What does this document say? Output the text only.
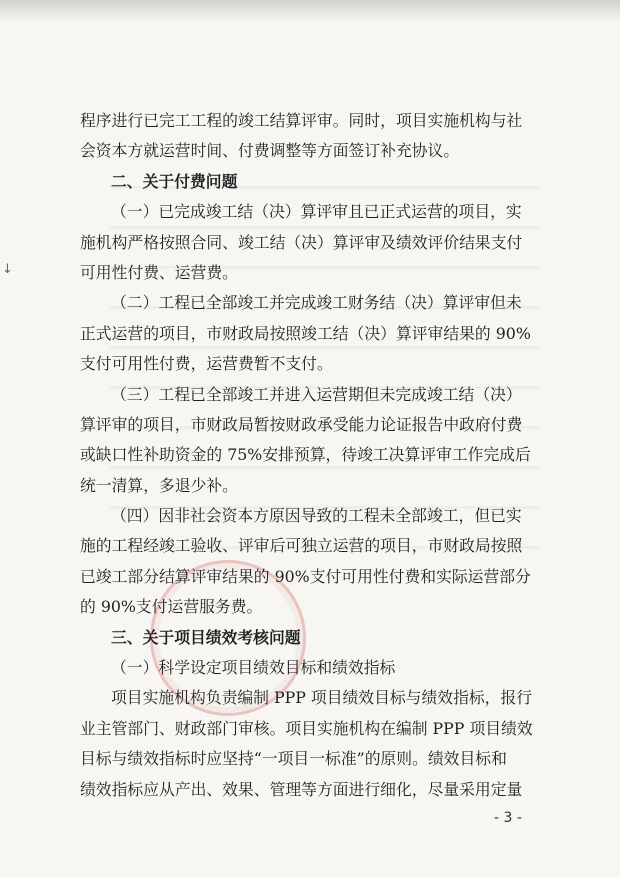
↓
程序进行已完工工程的竣工结算评审。同时，项目实施机构与社
会资本方就运营时间、付费调整等方面签订补充协议。
二、关于付费问题
（一）已完成竣工结（决）算评审且已正式运营的项目，实
施机构严格按照合同、竣工结（决）算评审及绩效评价结果支付
可用性付费、运营费。
（二）工程已全部竣工并完成竣工财务结（决）算评审但未
正式运营的项目，市财政局按照竣工结（决）算评审结果的 90%
支付可用性付费，运营费暂不支付。
（三）工程已全部竣工并进入运营期但未完成竣工结（决）
算评审的项目，市财政局暂按财政承受能力论证报告中政府付费
或缺口性补助资金的 75%安排预算，待竣工决算评审工作完成后
统一清算，多退少补。
（四）因非社会资本方原因导致的工程未全部竣工，但已实
施的工程经竣工验收、评审后可独立运营的项目，市财政局按照
已竣工部分结算评审结果的 90%支付可用性付费和实际运营部分
的 90%支付运营服务费。
三、关于项目绩效考核问题
（一）科学设定项目绩效目标和绩效指标
项目实施机构负责编制 PPP 项目绩效目标与绩效指标，报行
业主管部门、财政部门审核。项目实施机构在编制 PPP 项目绩效
目标与绩效指标时应坚持“一项目一标准”的原则。绩效目标和
绩效指标应从产出、效果、管理等方面进行细化，尽量采用定量
- 3 -
